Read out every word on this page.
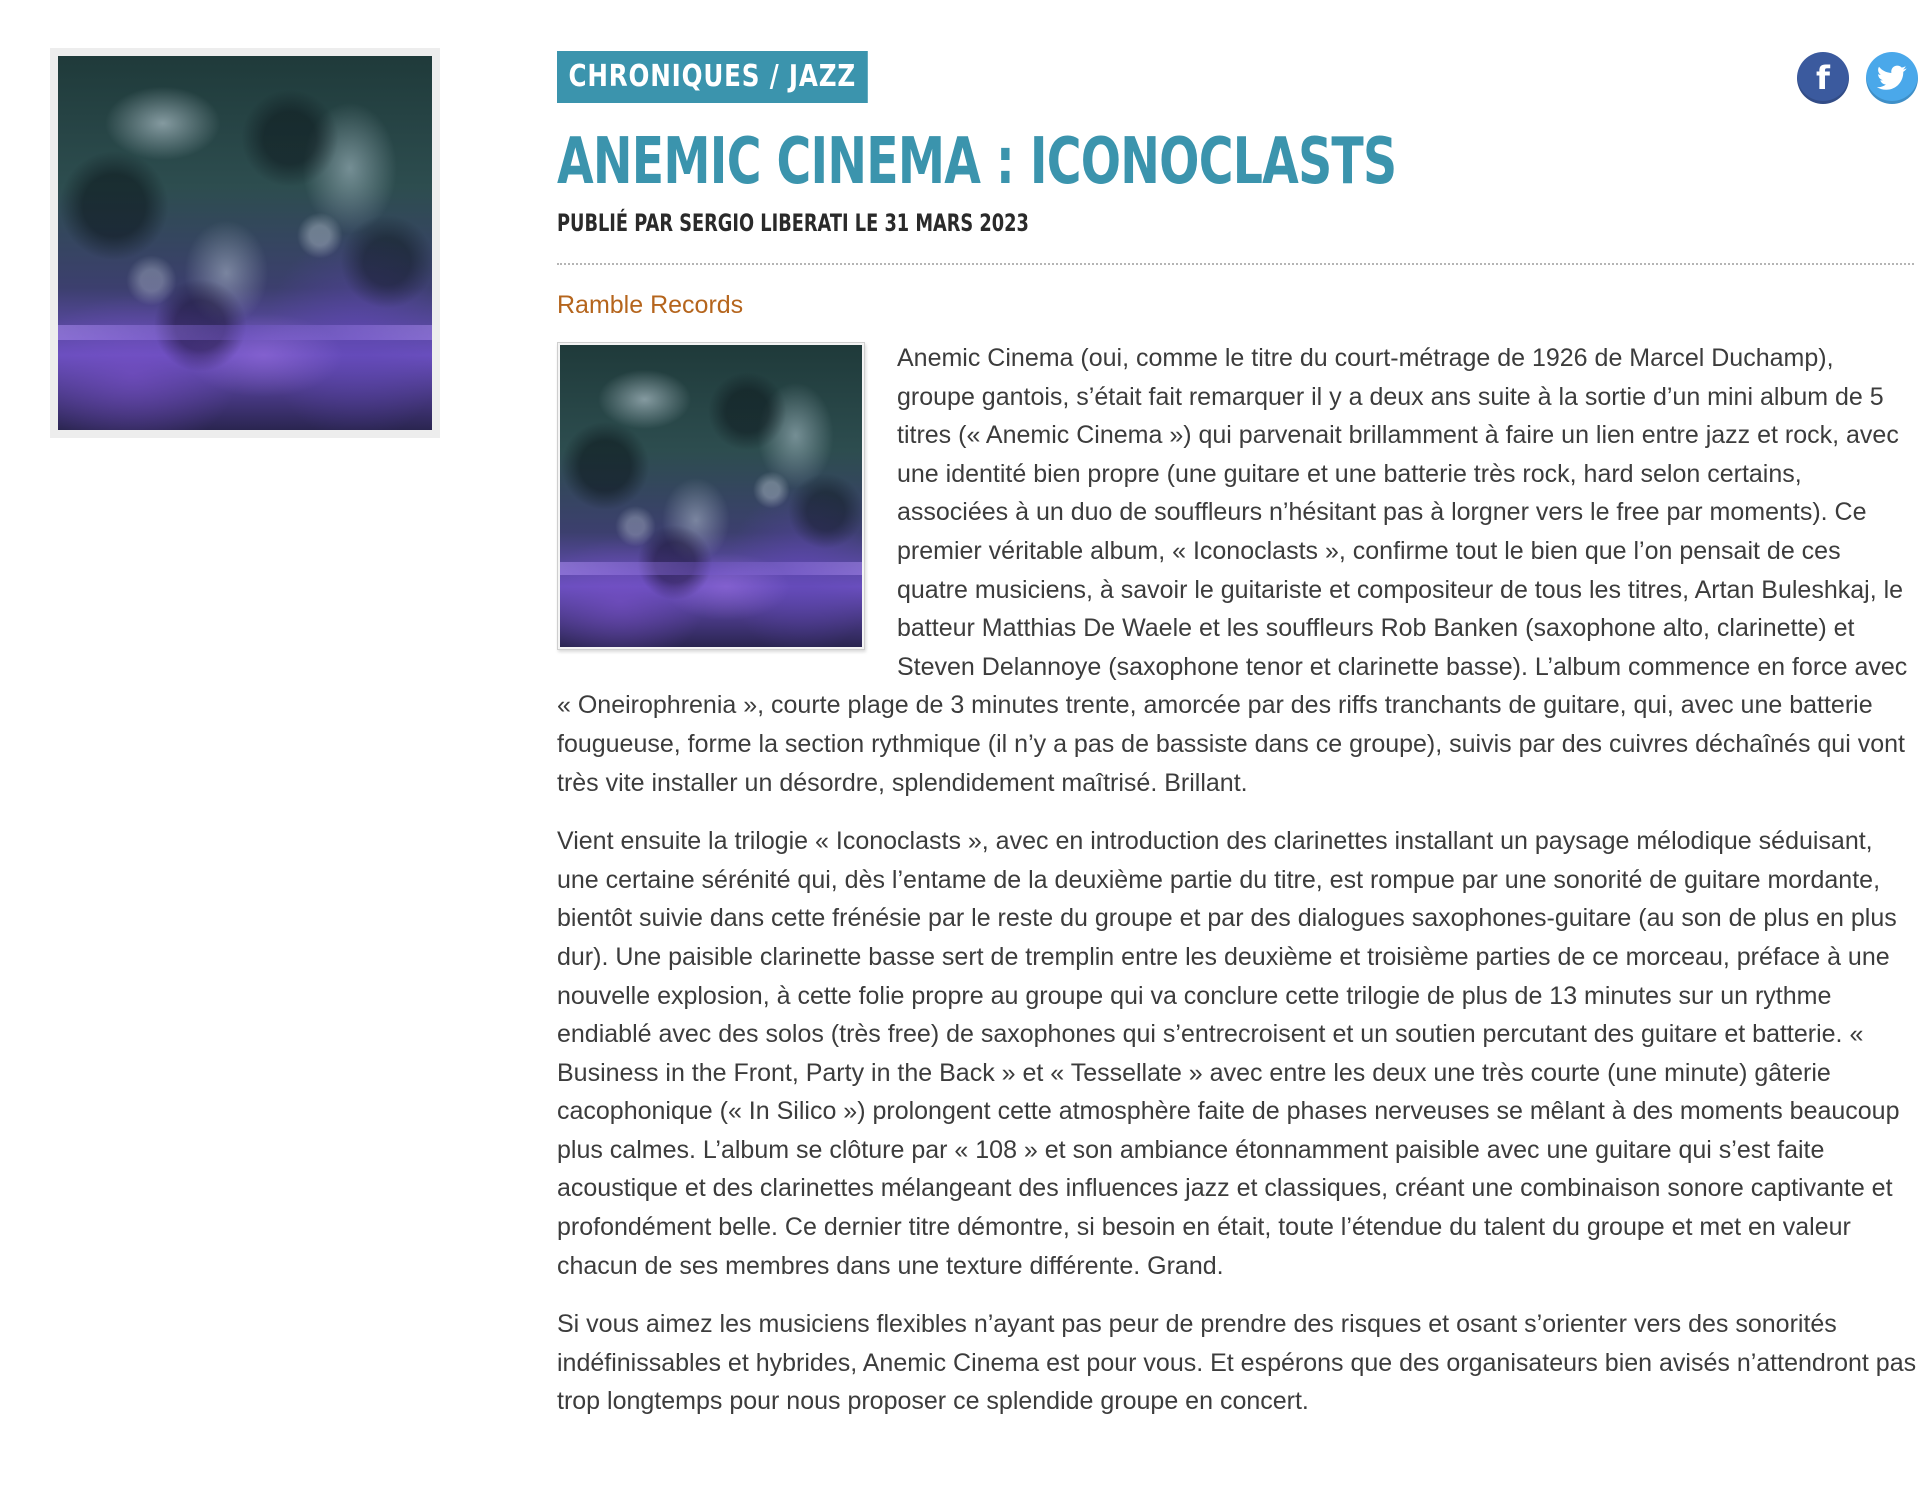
CHRONIQUES / JAZZ	f
ANEMIC CINEMA : ICONOCLASTS
PUBLIÉ PAR SERGIO LIBERATI LE 31 MARS 2023
Ramble Records

Anemic Cinema (oui, comme le titre du court-métrage de 1926 de Marcel Duchamp), groupe gantois, s’était fait remarquer il y a deux ans suite à la sortie d’un mini album de 5 titres (« Anemic Cinema ») qui parvenait brillamment à faire un lien entre jazz et rock, avec une identité bien propre (une guitare et une batterie très rock, hard selon certains, associées à un duo de souffleurs n’hésitant pas à lorgner vers le free par moments). Ce premier véritable album, « Iconoclasts », confirme tout le bien que l’on pensait de ces quatre musiciens, à savoir le guitariste et compositeur de tous les titres, Artan Buleshkaj, le batteur Matthias De Waele et les souffleurs Rob Banken (saxophone alto, clarinette) et Steven Delannoye (saxophone tenor et clarinette basse). L’album commence en force avec « Oneirophrenia », courte plage de 3 minutes trente, amorcée par des riffs tranchants de guitare, qui, avec une batterie fougueuse, forme la section rythmique (il n’y a pas de bassiste dans ce groupe), suivis par des cuivres déchaînés qui vont très vite installer un désordre, splendidement maîtrisé. Brillant.

Vient ensuite la trilogie « Iconoclasts », avec en introduction des clarinettes installant un paysage mélodique séduisant, une certaine sérénité qui, dès l’entame de la deuxième partie du titre, est rompue par une sonorité de guitare mordante, bientôt suivie dans cette frénésie par le reste du groupe et par des dialogues saxophones-guitare (au son de plus en plus dur). Une paisible clarinette basse sert de tremplin entre les deuxième et troisième parties de ce morceau, préface à une nouvelle explosion, à cette folie propre au groupe qui va conclure cette trilogie de plus de 13 minutes sur un rythme endiablé avec des solos (très free) de saxophones qui s’entrecroisent et un soutien percutant des guitare et batterie. « Business in the Front, Party in the Back » et « Tessellate » avec entre les deux une très courte (une minute) gâterie cacophonique (« In Silico ») prolongent cette atmosphère faite de phases nerveuses se mêlant à des moments beaucoup plus calmes. L’album se clôture par « 108 » et son ambiance étonnamment paisible avec une guitare qui s’est faite acoustique et des clarinettes mélangeant des influences jazz et classiques, créant une combinaison sonore captivante et profondément belle. Ce dernier titre démontre, si besoin en était, toute l’étendue du talent du groupe et met en valeur chacun de ses membres dans une texture différente. Grand.

Si vous aimez les musiciens flexibles n’ayant pas peur de prendre des risques et osant s’orienter vers des sonorités indéfinissables et hybrides, Anemic Cinema est pour vous. Et espérons que des organisateurs bien avisés n’attendront pas trop longtemps pour nous proposer ce splendide groupe en concert.
